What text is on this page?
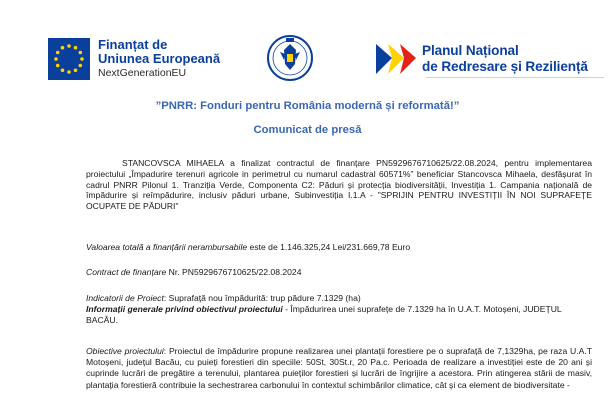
Finanțat de
Uniunea Europeană
NextGenerationEU
Planul Național
de Redresare și Reziliență
”PNRR: Fonduri pentru România modernă și reformată!”
Comunicat de presă

STANCOVSCA MIHAELA a finalizat contractul de finanțare PN5929676710625/22.08.2024, pentru implementarea proiectului „Împadurire terenuri agricole in perimetrul cu numarul cadastral 60571%” beneficiar Stancovsca Mihaela, desfășurat în cadrul PNRR Pilonul 1. Tranziția Verde, Componenta C2: Păduri și protecția biodiversității, Investiția 1. Campania națională de împădurire și reîmpădurire, inclusiv păduri urbane, Subinvestiția I.1.A - "SPRIJIN PENTRU INVESTIȚII ÎN NOI SUPRAFEȚE OCUPATE DE PĂDURI"

Valoarea totală a finanțării nerambursabile este de 1.146.325,24 Lei/231.669,78 Euro
Contract de finanțare Nr. PN5929676710625/22.08.2024
Indicatorii de Proiect: Suprafață nou împădurită: trup pădure 7.1329 (ha)
Informații generale privind obiectivul proiectului - Împădurirea unei suprafețe de 7.1329 ha în U.A.T. Motoșeni, JUDEȚUL BACĂU.
Obiective proiectului: Proiectul de împădurire propune realizarea unei plantații forestiere pe o suprafață de 7,1329ha, pe raza U.A.T Motoșeni, județul Bacău, cu puieți forestieri din speciile: 50St, 30St.r, 20 Pa.c. Perioada de realizare a investiției este de 20 ani și cuprinde lucrări de pregătire a terenului, plantarea puieților forestieri și lucrări de îngrijire a acestora. Prin atingerea stării de masiv, plantația forestieră contribuie la sechestrarea carbonului în contextul schimbărilor climatice, cât și ca element de biodiversitate -
